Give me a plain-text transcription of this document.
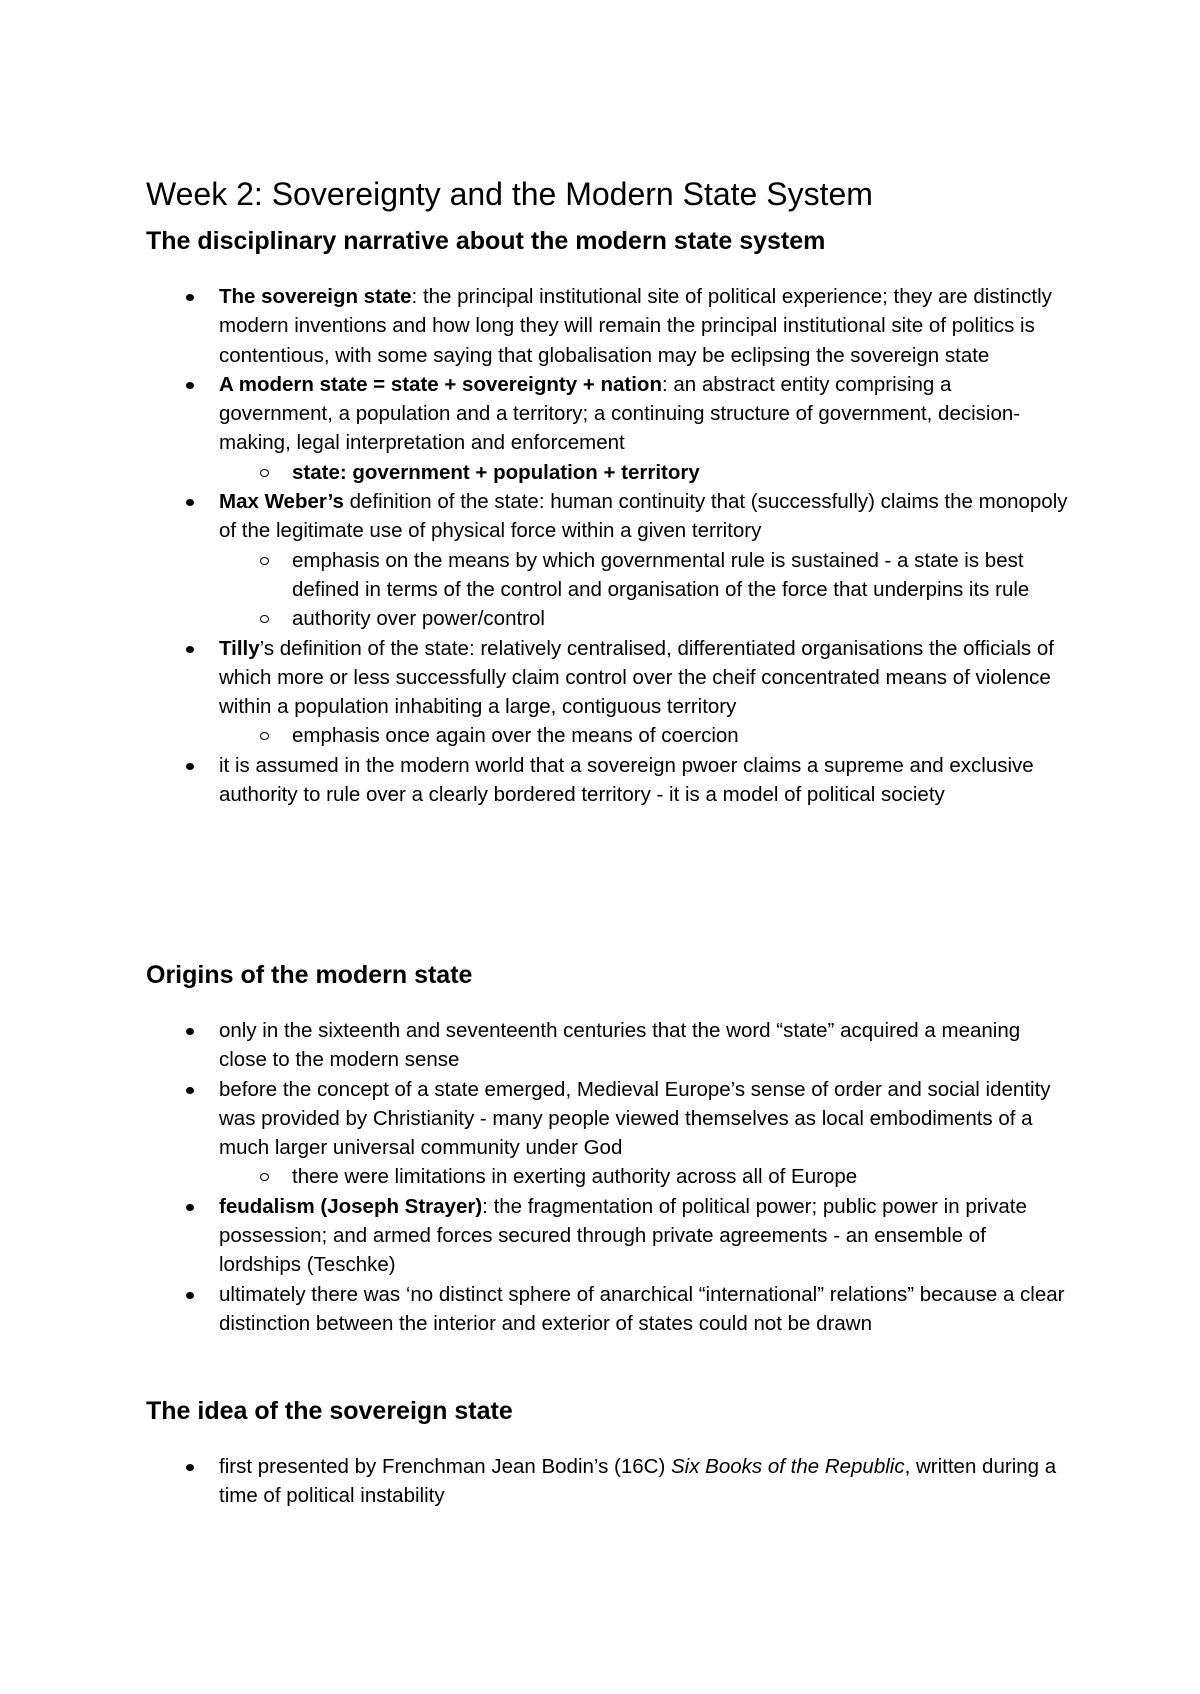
Week 2: Sovereignty and the Modern State System
The disciplinary narrative about the modern state system
The sovereign state: the principal institutional site of political experience; they are distinctly modern inventions and how long they will remain the principal institutional site of politics is contentious, with some saying that globalisation may be eclipsing the sovereign state
A modern state = state + sovereignty + nation: an abstract entity comprising a government, a population and a territory; a continuing structure of government, decision-making, legal interpretation and enforcement
state: government + population + territory
Max Weber’s definition of the state: human continuity that (successfully) claims the monopoly of the legitimate use of physical force within a given territory
emphasis on the means by which governmental rule is sustained - a state is best defined in terms of the control and organisation of the force that underpins its rule
authority over power/control
Tilly’s definition of the state: relatively centralised, differentiated organisations the officials of which more or less successfully claim control over the cheif concentrated means of violence within a population inhabiting a large, contiguous territory
emphasis once again over the means of coercion
it is assumed in the modern world that a sovereign pwoer claims a supreme and exclusive authority to rule over a clearly bordered territory - it is a model of political society
Origins of the modern state
only in the sixteenth and seventeenth centuries that the word “state” acquired a meaning close to the modern sense
before the concept of a state emerged, Medieval Europe’s sense of order and social identity was provided by Christianity - many people viewed themselves as local embodiments of a much larger universal community under God
there were limitations in exerting authority across all of Europe
feudalism (Joseph Strayer): the fragmentation of political power; public power in private possession; and armed forces secured through private agreements - an ensemble of lordships (Teschke)
ultimately there was ‘no distinct sphere of anarchical “international” relations” because a clear distinction between the interior and exterior of states could not be drawn
The idea of the sovereign state
first presented by Frenchman Jean Bodin’s (16C) Six Books of the Republic, written during a time of political instability
